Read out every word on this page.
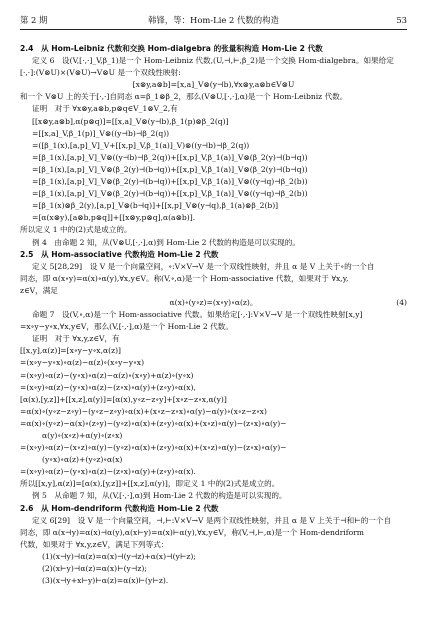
第 2 期	韩锋，等：Hom-Lie 2 代数的构造	53
2.4　从 Hom-Leibniz 代数和交换 Hom-dialgebra 的张量积构造 Hom-Lie 2 代数
定义 6　设(V,[·,·]_V,β_1)是一个 Hom-Leibniz 代数,(U,⊣,⊢,β_2)是一个交换 Hom-dialgebra。如果给定
[·,·]:(V⊗U)×(V⊗U)→V⊗U 是一个双线性映射:
[x⊗y,a⊗b]=[x,a]_V⊗(y⊣b),∀x⊗y,a⊗b∈V⊗U
和一个 V⊗U 上的关于[·,·]自同态 α=β_1⊗β_2，那么(V⊗U,[·,·],α)是一个 Hom-Leibniz 代数。
证明　对于 ∀x⊗y,a⊗b,p⊗q∈V_1⊗V_2,有
[[x⊗y,a⊗b],α(p⊗q)]=[[x,a]_V⊗(y⊣b),β_1(p)⊗β_2(q)]
=[[x,a]_V,β_1(p)]_V⊗((y⊣b)⊣β_2(q))
=([β_1(x),[a,p]_V]_V+[[x,p]_V,β_1(a)]_V)⊗((y⊣b)⊣β_2(q))
=[β_1(x),[a,p]_V]_V⊗((y⊣b)⊣β_2(q))+[[x,p]_V,β_1(a)]_V⊗(β_2(y)⊣(b⊣q))
=[β_1(x),[a,p]_V]_V⊗(β_2(y)⊣(b⊣q))+[[x,p]_V,β_1(a)]_V⊗(β_2(y)⊣(b⊣q))
=[β_1(x),[a,p]_V]_V⊗(β_2(y)⊣(b⊣q))+[[x,p]_V,β_1(a)]_V⊗((y⊣q)⊣β_2(b))
=[β_1(x),[a,p]_V]_V⊗(β_2(y)⊣(b⊣q))+[[x,p]_V,β_1(a)]_V⊗((y⊣q)⊣β_2(b))
=[β_1(x)⊗β_2(y),[a,p]_V⊗(b⊣q)]+[[x,p]_V⊗(y⊣q),β_1(a)⊗β_2(b)]
=[α(x⊗y),[a⊗b,p⊗q]]+[[x⊗y,p⊗q],α(a⊗b)].
所以定义 1 中的(2)式是成立的。
例 4　由命题 2 知，从(V⊗U,[·,·],α)到 Hom-Lie 2 代数的构造是可以实现的。
2.5　从 Hom-associative 代数构造 Hom-Lie 2 代数
定义 5[28,29]　设 V 是一个向量空间，∘:V×V→V 是一个双线性映射，并且 α 是 V 上关于∘的一个自
同态，即 α(x∘y)=α(x)∘α(y),∀x,y∈V。称(V,∘,α)是一个 Hom-associative 代数，如果对于 ∀x,y,
z∈V，满足
α(x)∘(y∘z)=(x∘y)∘α(z)。	(4)
命题 7　设(V,∘,α)是一个 Hom-associative 代数。如果给定[·,·]:V×V→V 是一个双线性映射[x,y]
=x∘y−y∘x,∀x,y∈V，那么(V,[·,·],α)是一个 Hom-Lie 2 代数。
证明　对于 ∀x,y,z∈V，有
[[x,y],α(z)]=[x∘y−y∘x,α(z)]
=(x∘y−y∘x)∘α(z)−α(z)∘(x∘y−y∘x)
=(x∘y)∘α(z)−(y∘x)∘α(z)−α(z)∘(x∘y)+α(z)∘(y∘x)
=(x∘y)∘α(z)−(y∘x)∘α(z)−(z∘x)∘α(y)+(z∘y)∘α(x),
[α(x),[y,z]]+[[x,z],α(y)]=[α(x),y∘z−z∘y]+[x∘z−z∘x,α(y)]
=α(x)∘(y∘z−z∘y)−(y∘z−z∘y)∘α(x)+(x∘z−z∘x)∘α(y)−α(y)∘(x∘z−z∘x)
=α(x)∘(y∘z)−α(x)∘(z∘y)−(y∘z)∘α(x)+(z∘y)∘α(x)+(x∘z)∘α(y)−(z∘x)∘α(y)−
α(y)∘(x∘z)+α(y)∘(z∘x)
=(x∘y)∘α(z)−(x∘z)∘α(y)−(y∘z)∘α(x)+(z∘y)∘α(x)+(x∘z)∘α(y)−(z∘x)∘α(y)−
(y∘x)∘α(z)+(y∘z)∘α(x)
=(x∘y)∘α(z)−(y∘x)∘α(z)−(z∘x)∘α(y)+(z∘y)∘α(x).
所以[[x,y],α(z)]=[α(x),[y,z]]+[[x,z],α(y)]，即定义 1 中的(2)式是成立的。
例 5　从命题 7 知，从(V,[·,·],α)到 Hom-Lie 2 代数的构造是可以实现的。
2.6　从 Hom-dendriform 代数构造 Hom-Lie 2 代数
定义 6[29]　设 V 是一个向量空间，⊣,⊢:V×V→V 是两个双线性映射，并且 α 是 V 上关于⊣和⊢的一个自
同态，即 α(x⊣y)=α(x)⊣α(y),α(x⊢y)=α(x)⊢α(y),∀x,y∈V，称(V,⊣,⊢,α)是一个 Hom-dendriform
代数，如果对于 ∀x,y,z∈V，满足下列等式：
(1)(x⊣y)⊣α(z)=α(x)⊣(y⊣z)+α(x)⊣(y⊢z);
(2)(x⊢y)⊣α(z)=α(x)⊢(y⊣z);
(3)(x⊣y+x⊢y)⊢α(z)=α(x)⊢(y⊢z).
